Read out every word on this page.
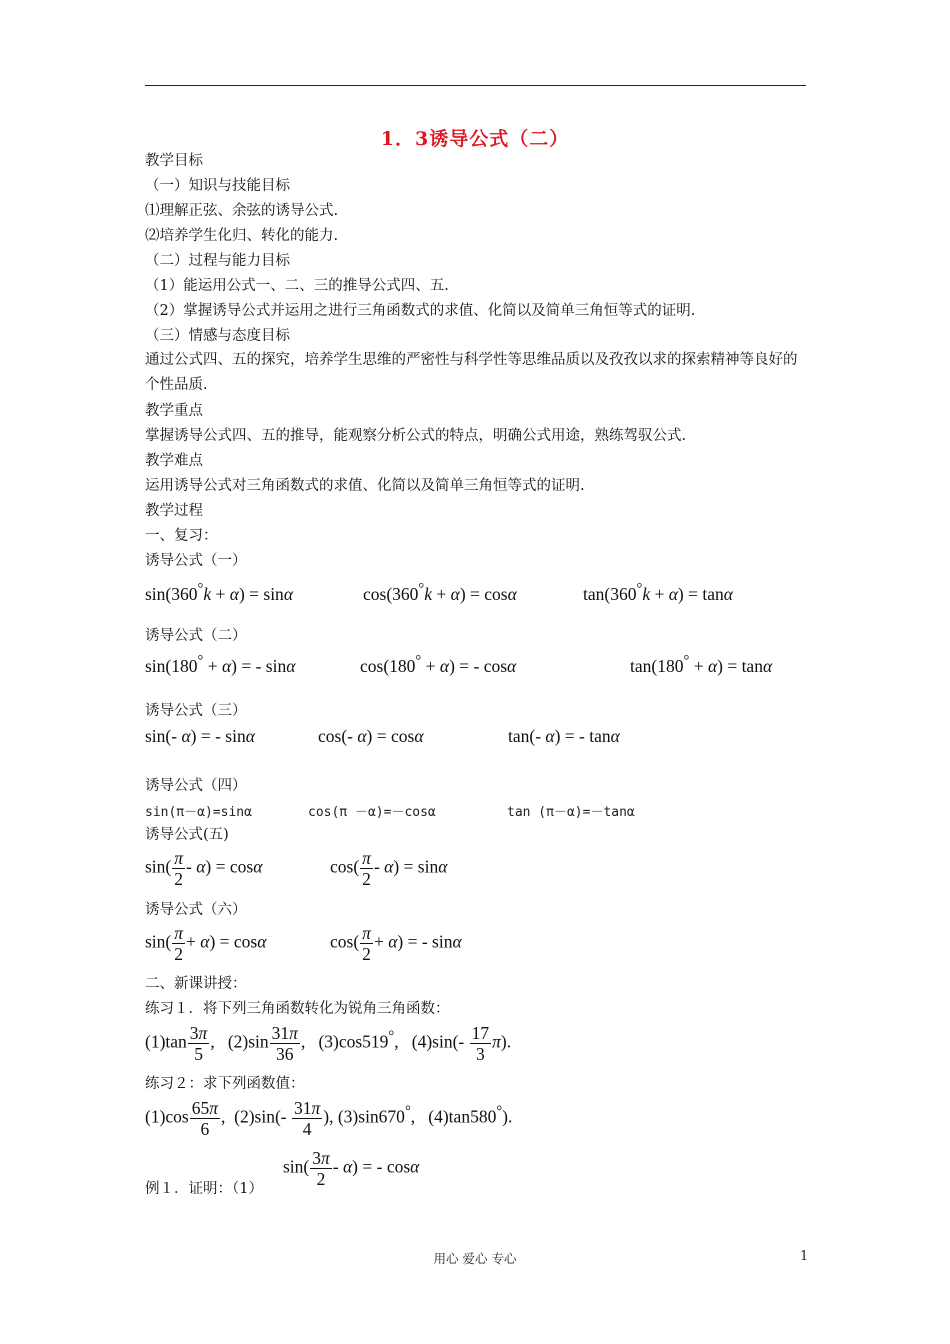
1．3诱导公式（二）
教学目标
（一）知识与技能目标
⑴理解正弦、余弦的诱导公式.
⑵培养学生化归、转化的能力.
（二）过程与能力目标
（1）能运用公式一、二、三的推导公式四、五.
（2）掌握诱导公式并运用之进行三角函数式的求值、化简以及简单三角恒等式的证明.
（三）情感与态度目标
通过公式四、五的探究，培养学生思维的严密性与科学性等思维品质以及孜孜以求的探索精神等良好的个性品质.
教学重点
掌握诱导公式四、五的推导，能观察分析公式的特点，明确公式用途，熟练驾驭公式.
教学难点
运用诱导公式对三角函数式的求值、化简以及简单三角恒等式的证明.
教学过程
一、复习：
诱导公式（一）
sin(360°k + α) = sinα	cos(360°k + α) = cosα	tan(360°k + α) = tanα
诱导公式（二）
sin(180° + α) = - sinα	cos(180° + α) = - cosα	tan(180° + α) = tanα
诱导公式（三）
sin(- α) = - sinα	cos(- α) = cosα	tan(- α) = - tanα
诱导公式（四）
sin(π－α)=sinα	cos(π －α)=－cosα	tan (π－α)=－tanα
诱导公式(五)
$\sin( \frac{\pi}{2} - \alpha) = \cos\alpha$	$\cos( \frac{\pi}{2} - \alpha) = \sin\alpha$
诱导公式（六）
$\sin( \frac{\pi}{2} + \alpha) = \cos\alpha$	$\cos( \frac{\pi}{2} + \alpha)$ = - sinα
二、新课讲授：
练习１．将下列三角函数转化为锐角三角函数：
$(1)\tan \frac{3\pi}{5}$ ,   $(2)\sin \frac{31\pi}{36}$ ,   (3)cos519°,   $(4)\sin(- \frac{17}{3} \pi)$.
练习２：求下列函数值：
$(1)\cos \frac{65\pi}{6}$ ,  $(2)\sin(- \frac{31\pi}{4}$ ), (3)sin670°,   (4)tan580°).
$\sin( \frac{3\pi}{2} - \alpha)$ = - cosα
例１．证明：（1）
用心 爱心 专心	1
